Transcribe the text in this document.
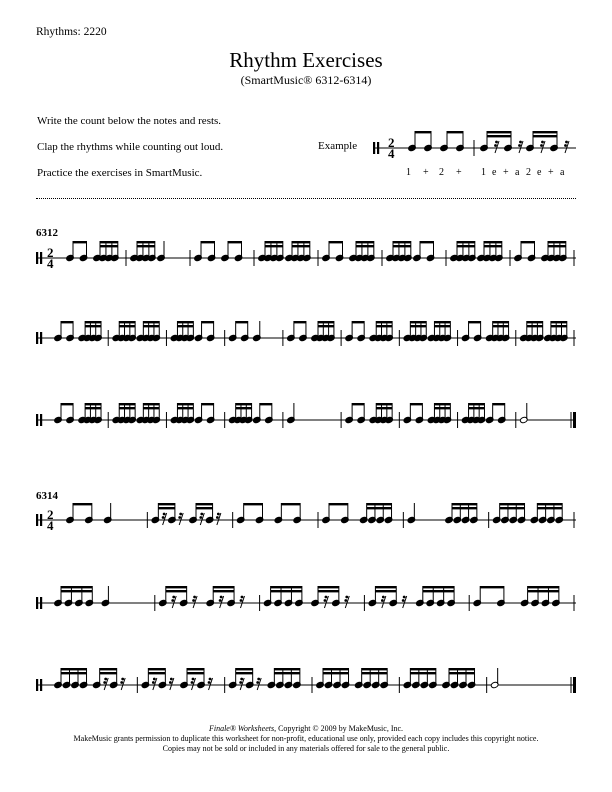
Rhythms: 2220
Rhythm Exercises
(SmartMusic® 6312-6314)
Write the count below the notes and rests.
Clap the rhythms while counting out loud.
Practice the exercises in SmartMusic.
Example
1 + 2 + 1 e + a 2 e + a
6312
6314
2
4
2
4
2
4
Finale® Worksheets, Copyright © 2009 by MakeMusic, Inc.
MakeMusic grants permission to duplicate this worksheet for non-profit, educational use only, provided each copy includes this copyright notice.
Copies may not be sold or included in any materials offered for sale to the general public.
